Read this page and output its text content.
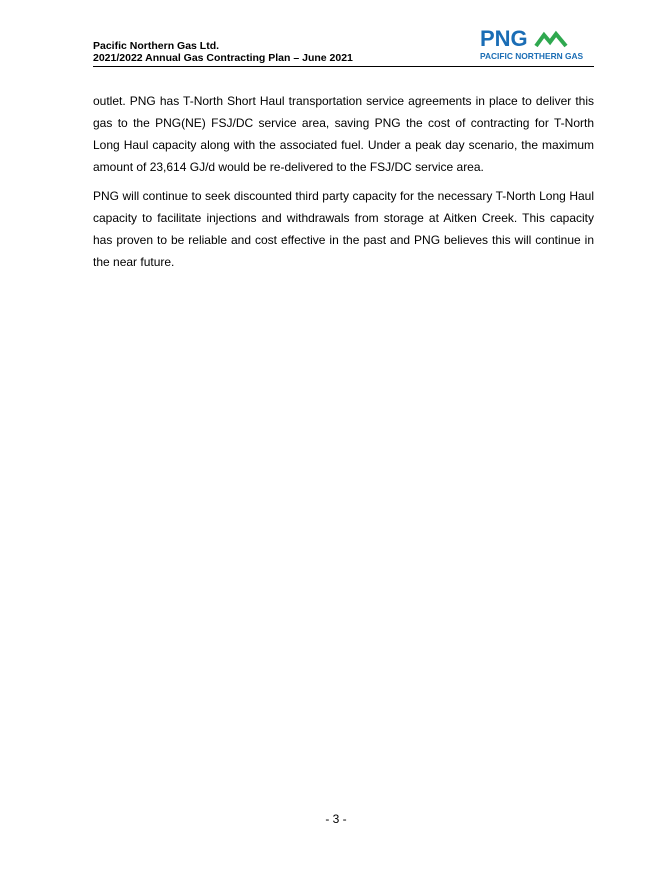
Pacific Northern Gas Ltd.
2021/2022 Annual Gas Contracting Plan – June 2021
PNG
PACIFIC NORTHERN GAS

outlet. PNG has T-North Short Haul transportation service agreements in place to deliver this gas to the PNG(NE) FSJ/DC service area, saving PNG the cost of contracting for T-North Long Haul capacity along with the associated fuel. Under a peak day scenario, the maximum amount of 23,614 GJ/d would be re-delivered to the FSJ/DC service area.

PNG will continue to seek discounted third party capacity for the necessary T-North Long Haul capacity to facilitate injections and withdrawals from storage at Aitken Creek. This capacity has proven to be reliable and cost effective in the past and PNG believes this will continue in the near future.

- 3 -
